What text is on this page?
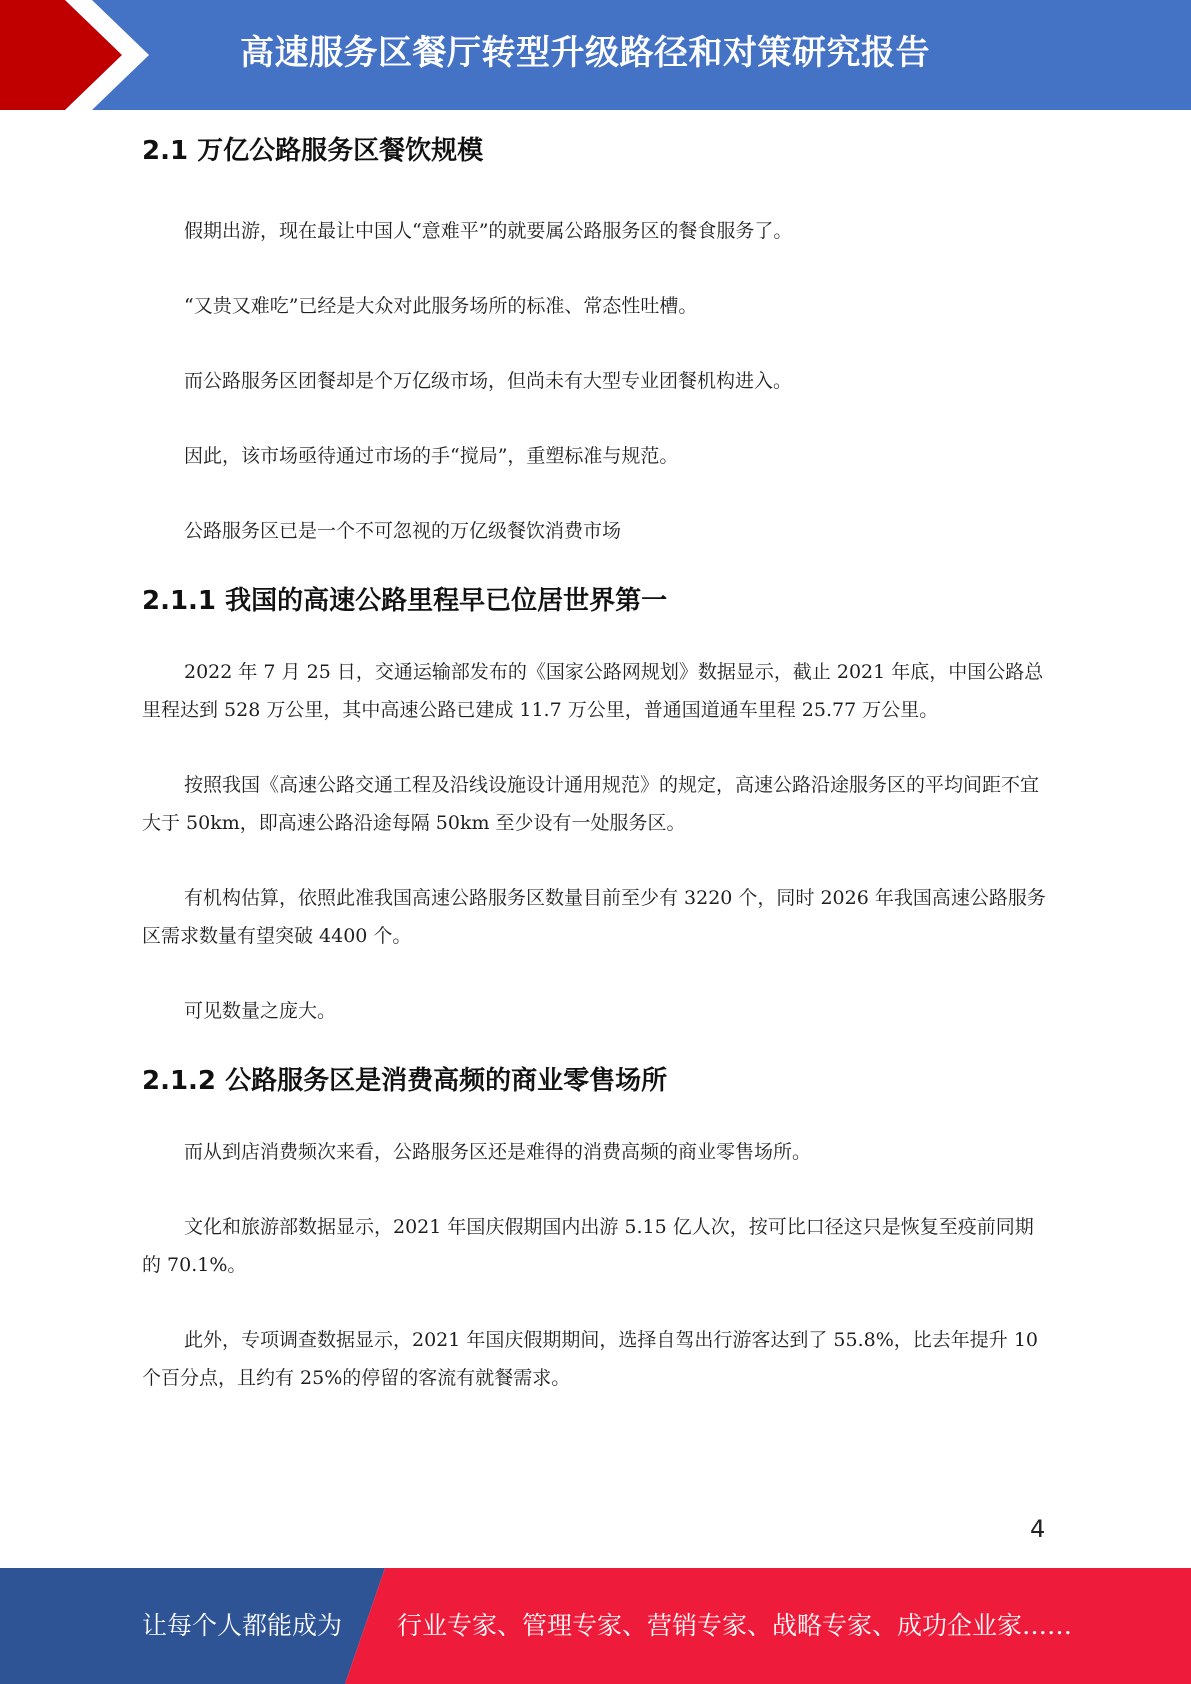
高速服务区餐厅转型升级路径和对策研究报告
2.1 万亿公路服务区餐饮规模

假期出游，现在最让中国人“意难平”的就要属公路服务区的餐食服务了。

“又贵又难吃”已经是大众对此服务场所的标准、常态性吐槽。

而公路服务区团餐却是个万亿级市场，但尚未有大型专业团餐机构进入。

因此，该市场亟待通过市场的手“搅局”，重塑标准与规范。

公路服务区已是一个不可忽视的万亿级餐饮消费市场

2.1.1 我国的高速公路里程早已位居世界第一

2022 年 7 月 25 日，交通运输部发布的《国家公路网规划》数据显示，截止 2021 年底，中国公路总里程达到 528 万公里，其中高速公路已建成 11.7 万公里，普通国道通车里程 25.77 万公里。

按照我国《高速公路交通工程及沿线设施设计通用规范》的规定，高速公路沿途服务区的平均间距不宜大于 50km，即高速公路沿途每隔 50km 至少设有一处服务区。

有机构估算，依照此准我国高速公路服务区数量目前至少有 3220 个，同时 2026 年我国高速公路服务区需求数量有望突破 4400 个。

可见数量之庞大。

2.1.2 公路服务区是消费高频的商业零售场所

而从到店消费频次来看，公路服务区还是难得的消费高频的商业零售场所。

文化和旅游部数据显示，2021 年国庆假期国内出游 5.15 亿人次，按可比口径这只是恢复至疫前同期的 70.1%。

此外，专项调查数据显示，2021 年国庆假期期间，选择自驾出行游客达到了 55.8%，比去年提升 10 个百分点，且约有 25%的停留的客流有就餐需求。

4
让每个人都能成为 行业专家、管理专家、营销专家、战略专家、成功企业家……
